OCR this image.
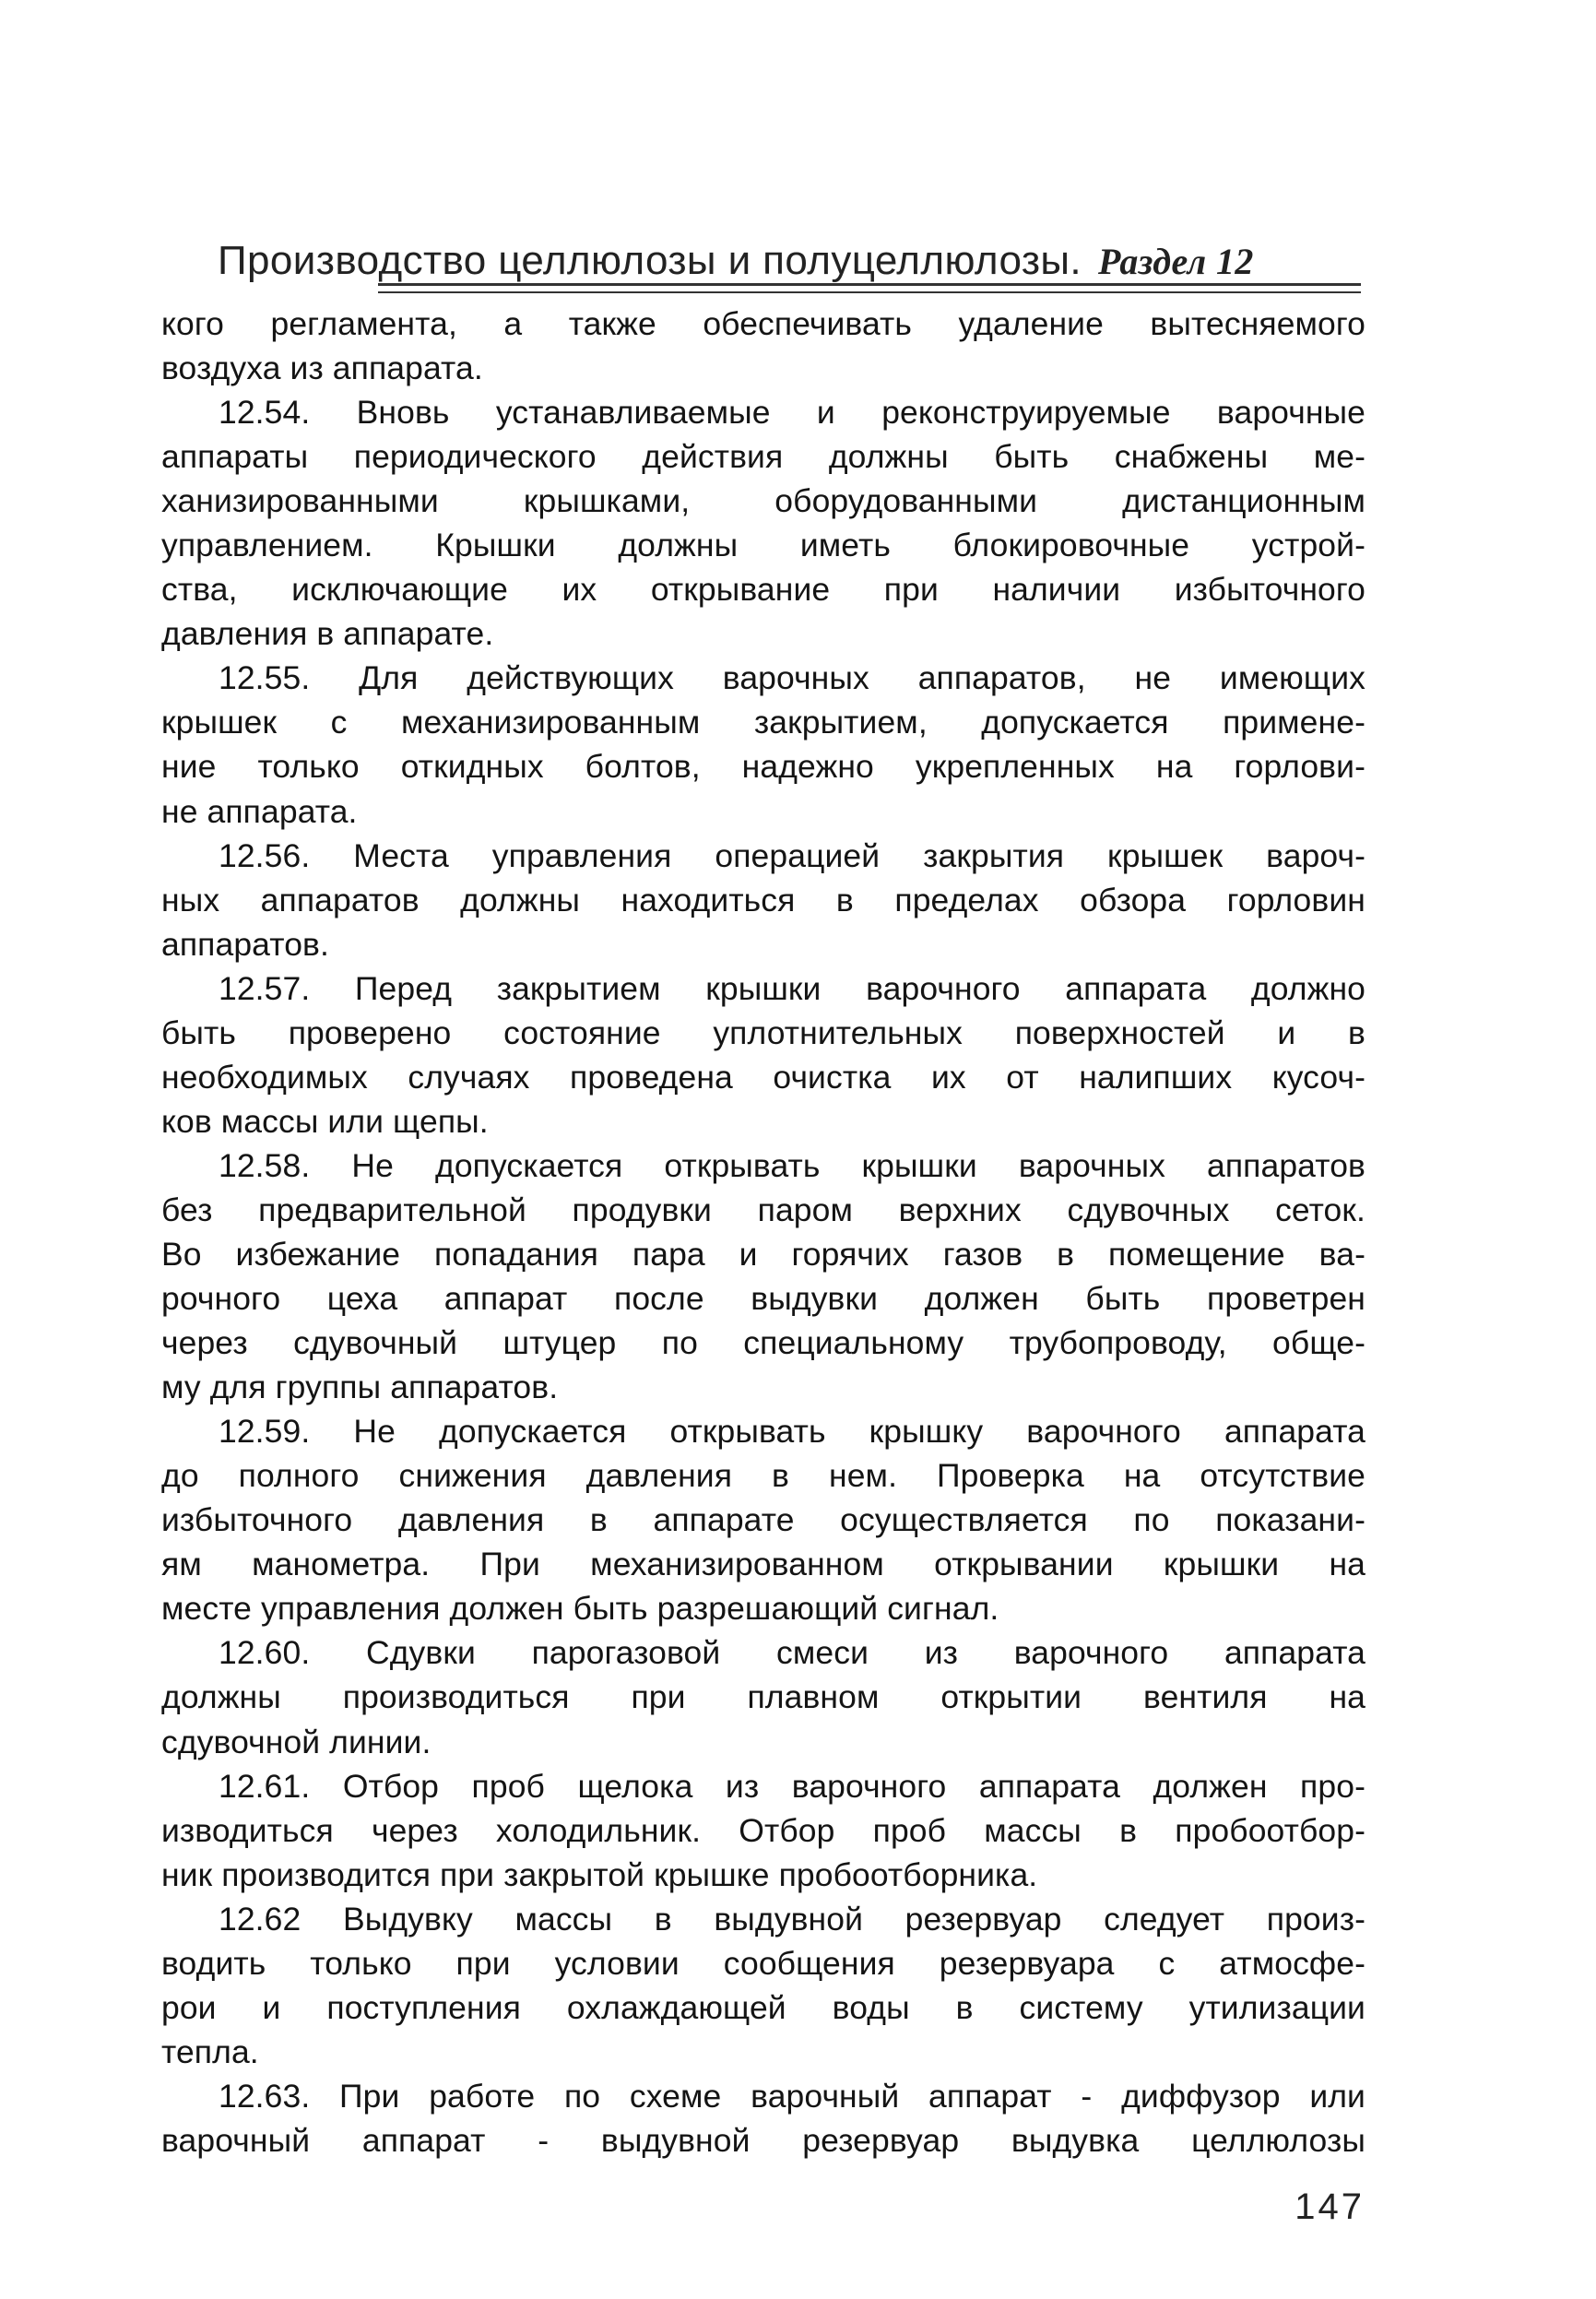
Производство целлюлозы и полуцеллюлозы. Раздел 12
кого регламента, а также обеспечивать удаление вытесняемого
воздуха из аппарата.
12.54. Вновь устанавливаемые и реконструируемые варочные
аппараты периодического действия должны быть снабжены ме-
ханизированными крышками, оборудованными дистанционным
управлением. Крышки должны иметь блокировочные устрой-
ства, исключающие их открывание при наличии избыточного
давления в аппарате.
12.55. Для действующих варочных аппаратов, не имеющих
крышек с механизированным закрытием, допускается примене-
ние только откидных болтов, надежно укрепленных на горлови-
не аппарата.
12.56. Места управления операцией закрытия крышек вароч-
ных аппаратов должны находиться в пределах обзора горловин
аппаратов.
12.57. Перед закрытием крышки варочного аппарата должно
быть проверено состояние уплотнительных поверхностей и в
необходимых случаях проведена очистка их от налипших кусоч-
ков массы или щепы.
12.58. Не допускается открывать крышки варочных аппаратов
без предварительной продувки паром верхних сдувочных сеток.
Во избежание попадания пара и горячих газов в помещение ва-
рочного цеха аппарат после выдувки должен быть проветрен
через сдувочный штуцер по специальному трубопроводу, обще-
му для группы аппаратов.
12.59. Не допускается открывать крышку варочного аппарата
до полного снижения давления в нем. Проверка на отсутствие
избыточного давления в аппарате осуществляется по показани-
ям манометра. При механизированном открывании крышки на
месте управления должен быть разрешающий сигнал.
12.60. Сдувки парогазовой смеси из варочного аппарата
должны производиться при плавном открытии вентиля на
сдувочной линии.
12.61. Отбор проб щелока из варочного аппарата должен про-
изводиться через холодильник. Отбор проб массы в пробоотбор-
ник производится при закрытой крышке пробоотборника.
12.62 Выдувку массы в выдувной резервуар следует произ-
водить только при условии сообщения резервуара с атмосфе-
рои и поступления охлаждающей воды в систему утилизации
тепла.
12.63. При работе по схеме варочный аппарат - диффузор или
варочный аппарат - выдувной резервуар выдувка целлюлозы
147
